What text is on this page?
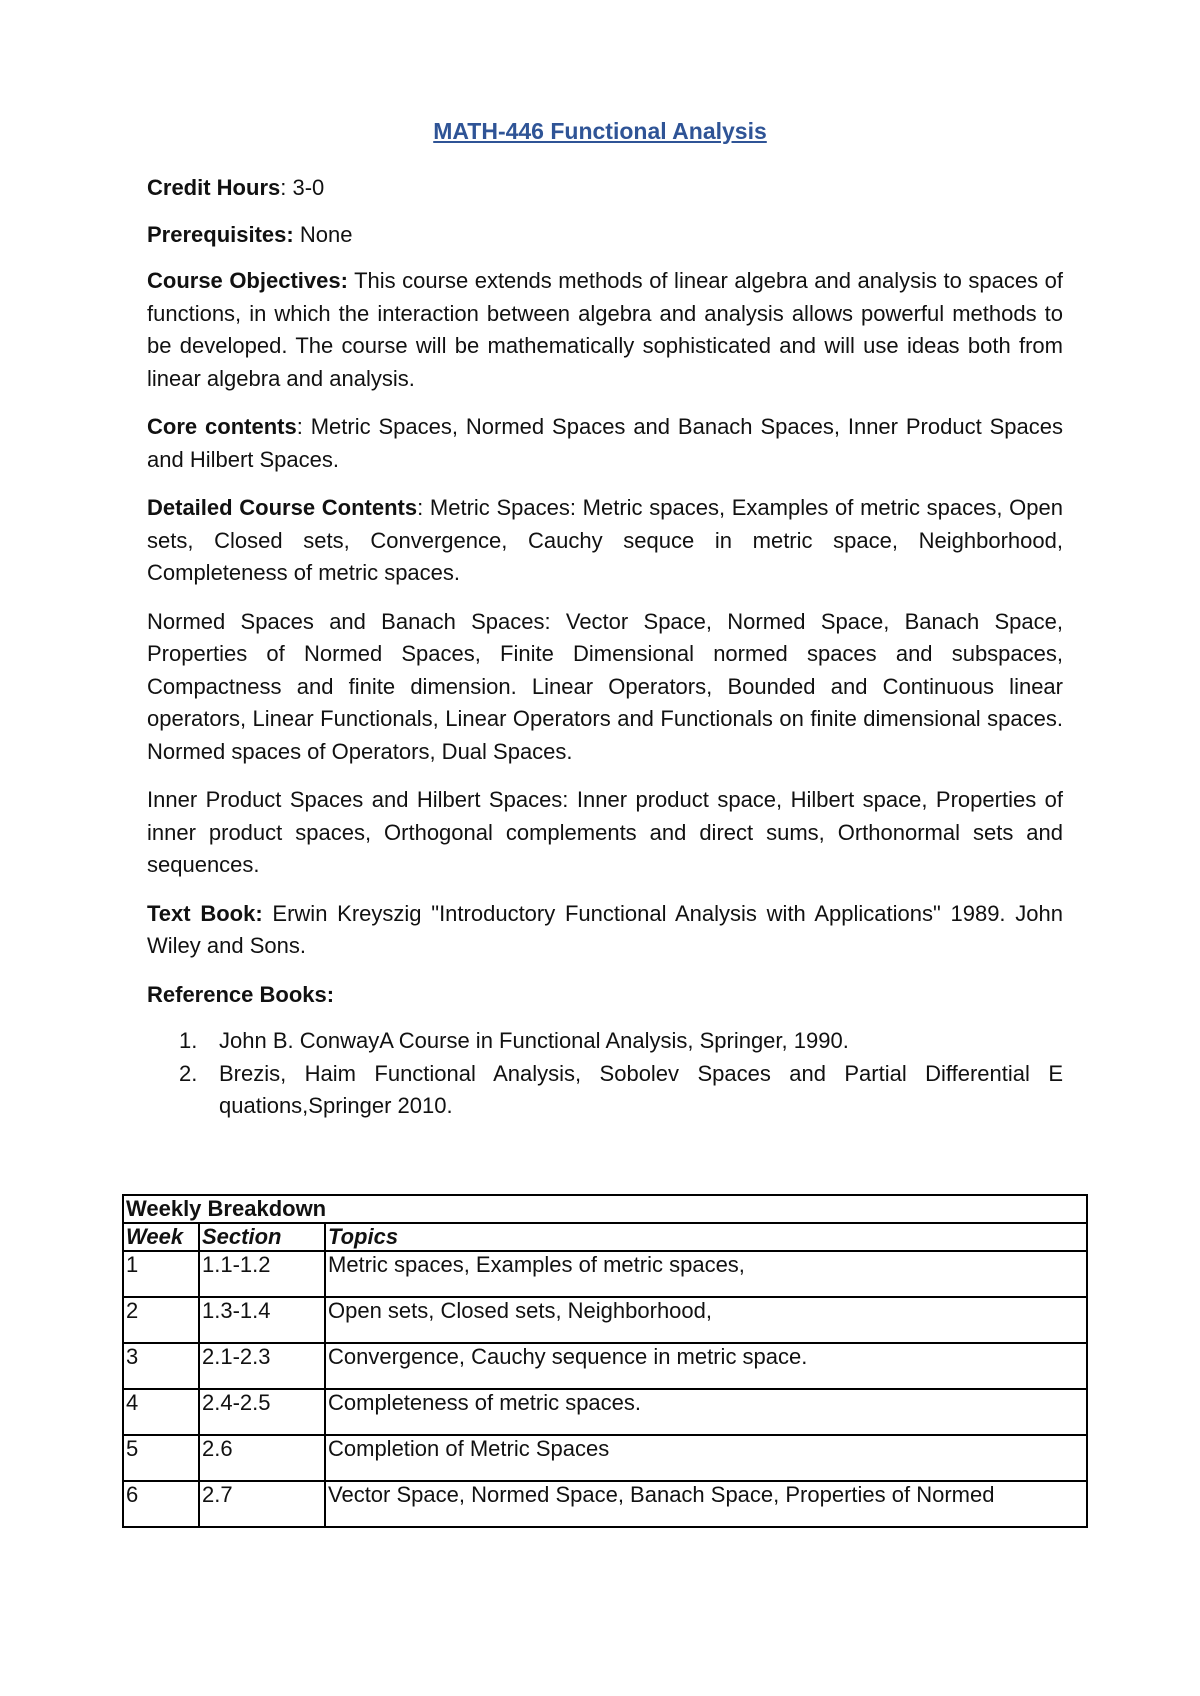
MATH-446 Functional Analysis

Credit Hours: 3-0

Prerequisites: None

Course Objectives: This course extends methods of linear algebra and analysis to spaces of functions, in which the interaction between algebra and analysis allows powerful methods to be developed. The course will be mathematically sophisticated and will use ideas both from linear algebra and analysis.

Core contents: Metric Spaces, Normed Spaces and Banach Spaces, Inner Product Spaces and Hilbert Spaces.

Detailed Course Contents: Metric Spaces: Metric spaces, Examples of metric spaces, Open sets, Closed sets, Convergence, Cauchy sequce in metric space, Neighborhood, Completeness of metric spaces.

Normed Spaces and Banach Spaces: Vector Space, Normed Space, Banach Space, Properties of Normed Spaces, Finite Dimensional normed spaces and subspaces, Compactness and finite dimension. Linear Operators, Bounded and Continuous linear operators, Linear Functionals, Linear Operators and Functionals on finite dimensional spaces. Normed spaces of Operators, Dual Spaces.

Inner Product Spaces and Hilbert Spaces: Inner product space, Hilbert space, Properties of inner product spaces, Orthogonal complements and direct sums, Orthonormal sets and sequences.

Text Book: Erwin Kreyszig "Introductory Functional Analysis with Applications" 1989. John Wiley and Sons.

Reference Books:

1. John B. ConwayA Course in Functional Analysis, Springer, 1990.
2. Brezis, Haim Functional Analysis, Sobolev Spaces and Partial Differential E quations,Springer 2010.
Weekly Breakdown		
Week	Section	Topics
1	1.1-1.2	Metric spaces, Examples of metric spaces,
2	1.3-1.4	Open sets, Closed sets, Neighborhood,
3	2.1-2.3	Convergence, Cauchy sequence in metric space.
4	2.4-2.5	Completeness of metric spaces.
5	2.6	Completion of Metric Spaces
6	2.7	Vector Space, Normed Space, Banach Space, Properties of Normed
